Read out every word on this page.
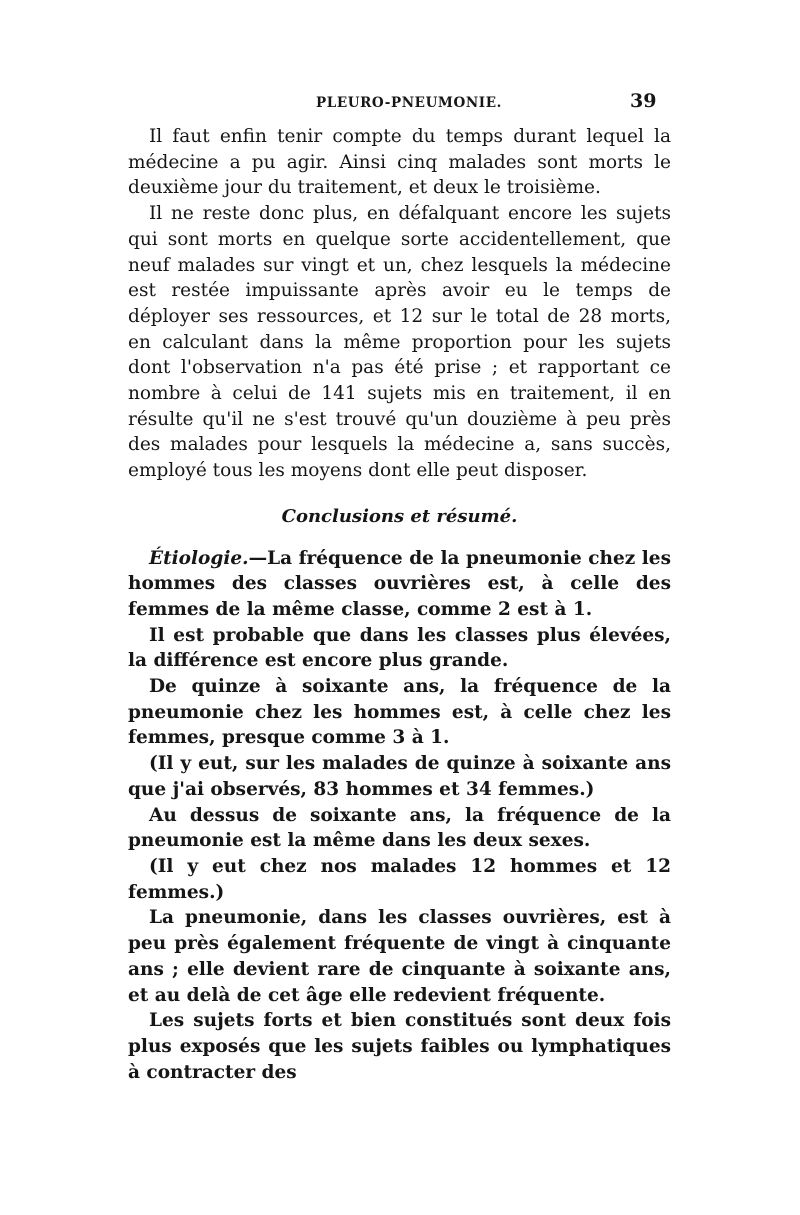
PLEURO-PNEUMONIE.	39

Il faut enfin tenir compte du temps durant lequel la médecine a pu agir. Ainsi cinq malades sont morts le deuxième jour du traitement, et deux le troisième.

Il ne reste donc plus, en défalquant encore les sujets qui sont morts en quelque sorte accidentellement, que neuf malades sur vingt et un, chez lesquels la médecine est restée impuissante après avoir eu le temps de déployer ses ressources, et 12 sur le total de 28 morts, en calculant dans la même proportion pour les sujets dont l'observation n'a pas été prise ; et rapportant ce nombre à celui de 141 sujets mis en traitement, il en résulte qu'il ne s'est trouvé qu'un douzième à peu près des malades pour lesquels la médecine a, sans succès, employé tous les moyens dont elle peut disposer.

Conclusions et résumé.

Étiologie.—La fréquence de la pneumonie chez les hommes des classes ouvrières est, à celle des femmes de la même classe, comme 2 est à 1.

Il est probable que dans les classes plus élevées, la différence est encore plus grande.

De quinze à soixante ans, la fréquence de la pneumonie chez les hommes est, à celle chez les femmes, presque comme 3 à 1.

(Il y eut, sur les malades de quinze à soixante ans que j'ai observés, 83 hommes et 34 femmes.)

Au dessus de soixante ans, la fréquence de la pneumonie est la même dans les deux sexes.

(Il y eut chez nos malades 12 hommes et 12 femmes.)

La pneumonie, dans les classes ouvrières, est à peu près également fréquente de vingt à cinquante ans ; elle devient rare de cinquante à soixante ans, et au delà de cet âge elle redevient fréquente.

Les sujets forts et bien constitués sont deux fois plus exposés que les sujets faibles ou lymphatiques à contracter des
